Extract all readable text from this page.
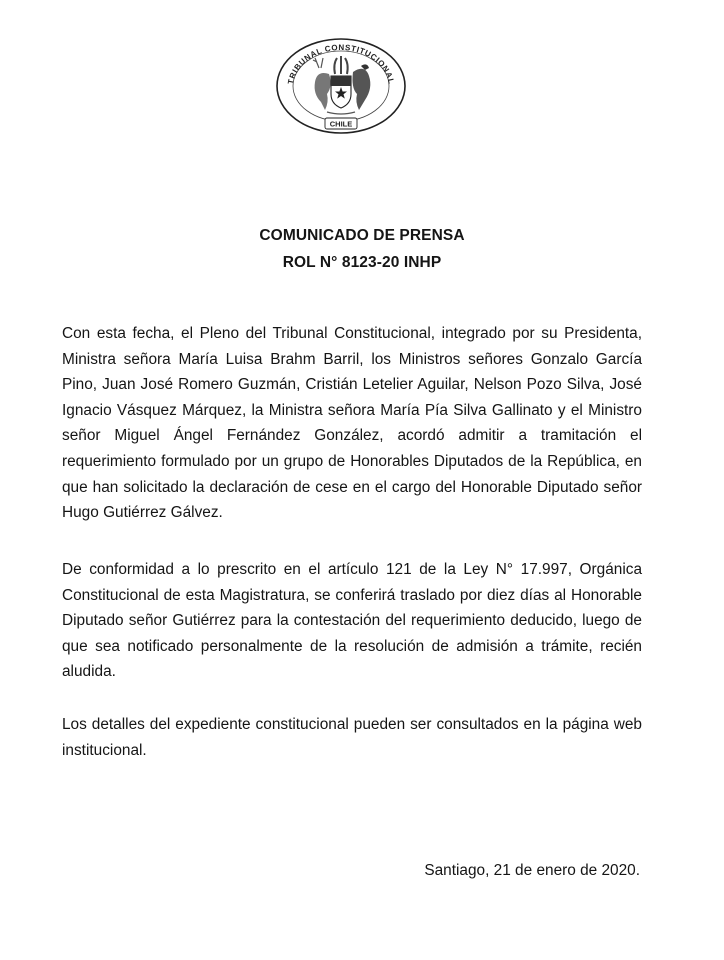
TRIBUNAL CONSTITUCIONAL
CHILE
COMUNICADO DE PRENSA
ROL N° 8123-20 INHP

Con esta fecha, el Pleno del Tribunal Constitucional, integrado por su Presidenta, Ministra señora María Luisa Brahm Barril, los Ministros señores Gonzalo García Pino, Juan José Romero Guzmán, Cristián Letelier Aguilar, Nelson Pozo Silva, José Ignacio Vásquez Márquez, la Ministra señora María Pía Silva Gallinato y el Ministro señor Miguel Ángel Fernández González, acordó admitir a tramitación el requerimiento formulado por un grupo de Honorables Diputados de la República, en que han solicitado la declaración de cese en el cargo del Honorable Diputado señor Hugo Gutiérrez Gálvez.

De conformidad a lo prescrito en el artículo 121 de la Ley N° 17.997, Orgánica Constitucional de esta Magistratura, se conferirá traslado por diez días al Honorable Diputado señor Gutiérrez para la contestación del requerimiento deducido, luego de que sea notificado personalmente de la resolución de admisión a trámite, recién aludida.

Los detalles del expediente constitucional pueden ser consultados en la página web institucional.

Santiago, 21 de enero de 2020.
